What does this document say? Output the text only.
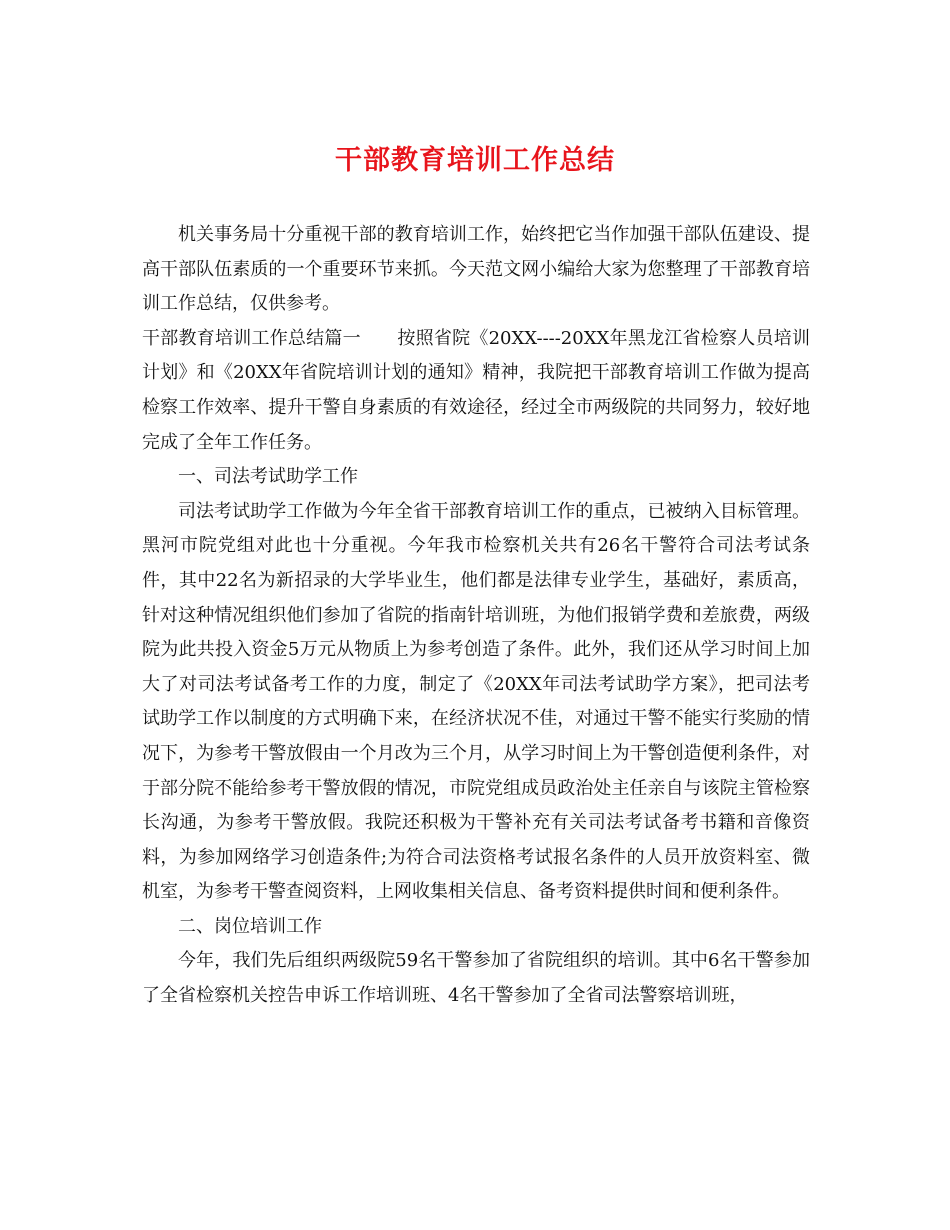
干部教育培训工作总结

机关事务局十分重视干部的教育培训工作，始终把它当作加强干部队伍建设、提高干部队伍素质的一个重要环节来抓。今天范文网小编给大家为您整理了干部教育培训工作总结，仅供参考。

干部教育培训工作总结篇一　　按照省院《20XX----20XX年黑龙江省检察人员培训计划》和《20XX年省院培训计划的通知》精神，我院把干部教育培训工作做为提高检察工作效率、提升干警自身素质的有效途径，经过全市两级院的共同努力，较好地完成了全年工作任务。

一、司法考试助学工作

司法考试助学工作做为今年全省干部教育培训工作的重点，已被纳入目标管理。黑河市院党组对此也十分重视。今年我市检察机关共有26名干警符合司法考试条件，其中22名为新招录的大学毕业生，他们都是法律专业学生，基础好，素质高，针对这种情况组织他们参加了省院的指南针培训班，为他们报销学费和差旅费，两级院为此共投入资金5万元从物质上为参考创造了条件。此外，我们还从学习时间上加大了对司法考试备考工作的力度，制定了《20XX年司法考试助学方案》，把司法考试助学工作以制度的方式明确下来，在经济状况不佳，对通过干警不能实行奖励的情况下，为参考干警放假由一个月改为三个月，从学习时间上为干警创造便利条件，对于部分院不能给参考干警放假的情况，市院党组成员政治处主任亲自与该院主管检察长沟通，为参考干警放假。我院还积极为干警补充有关司法考试备考书籍和音像资料，为参加网络学习创造条件;为符合司法资格考试报名条件的人员开放资料室、微机室，为参考干警查阅资料，上网收集相关信息、备考资料提供时间和便利条件。

二、岗位培训工作

今年，我们先后组织两级院59名干警参加了省院组织的培训。其中6名干警参加了全省检察机关控告申诉工作培训班、4名干警参加了全省司法警察培训班，
